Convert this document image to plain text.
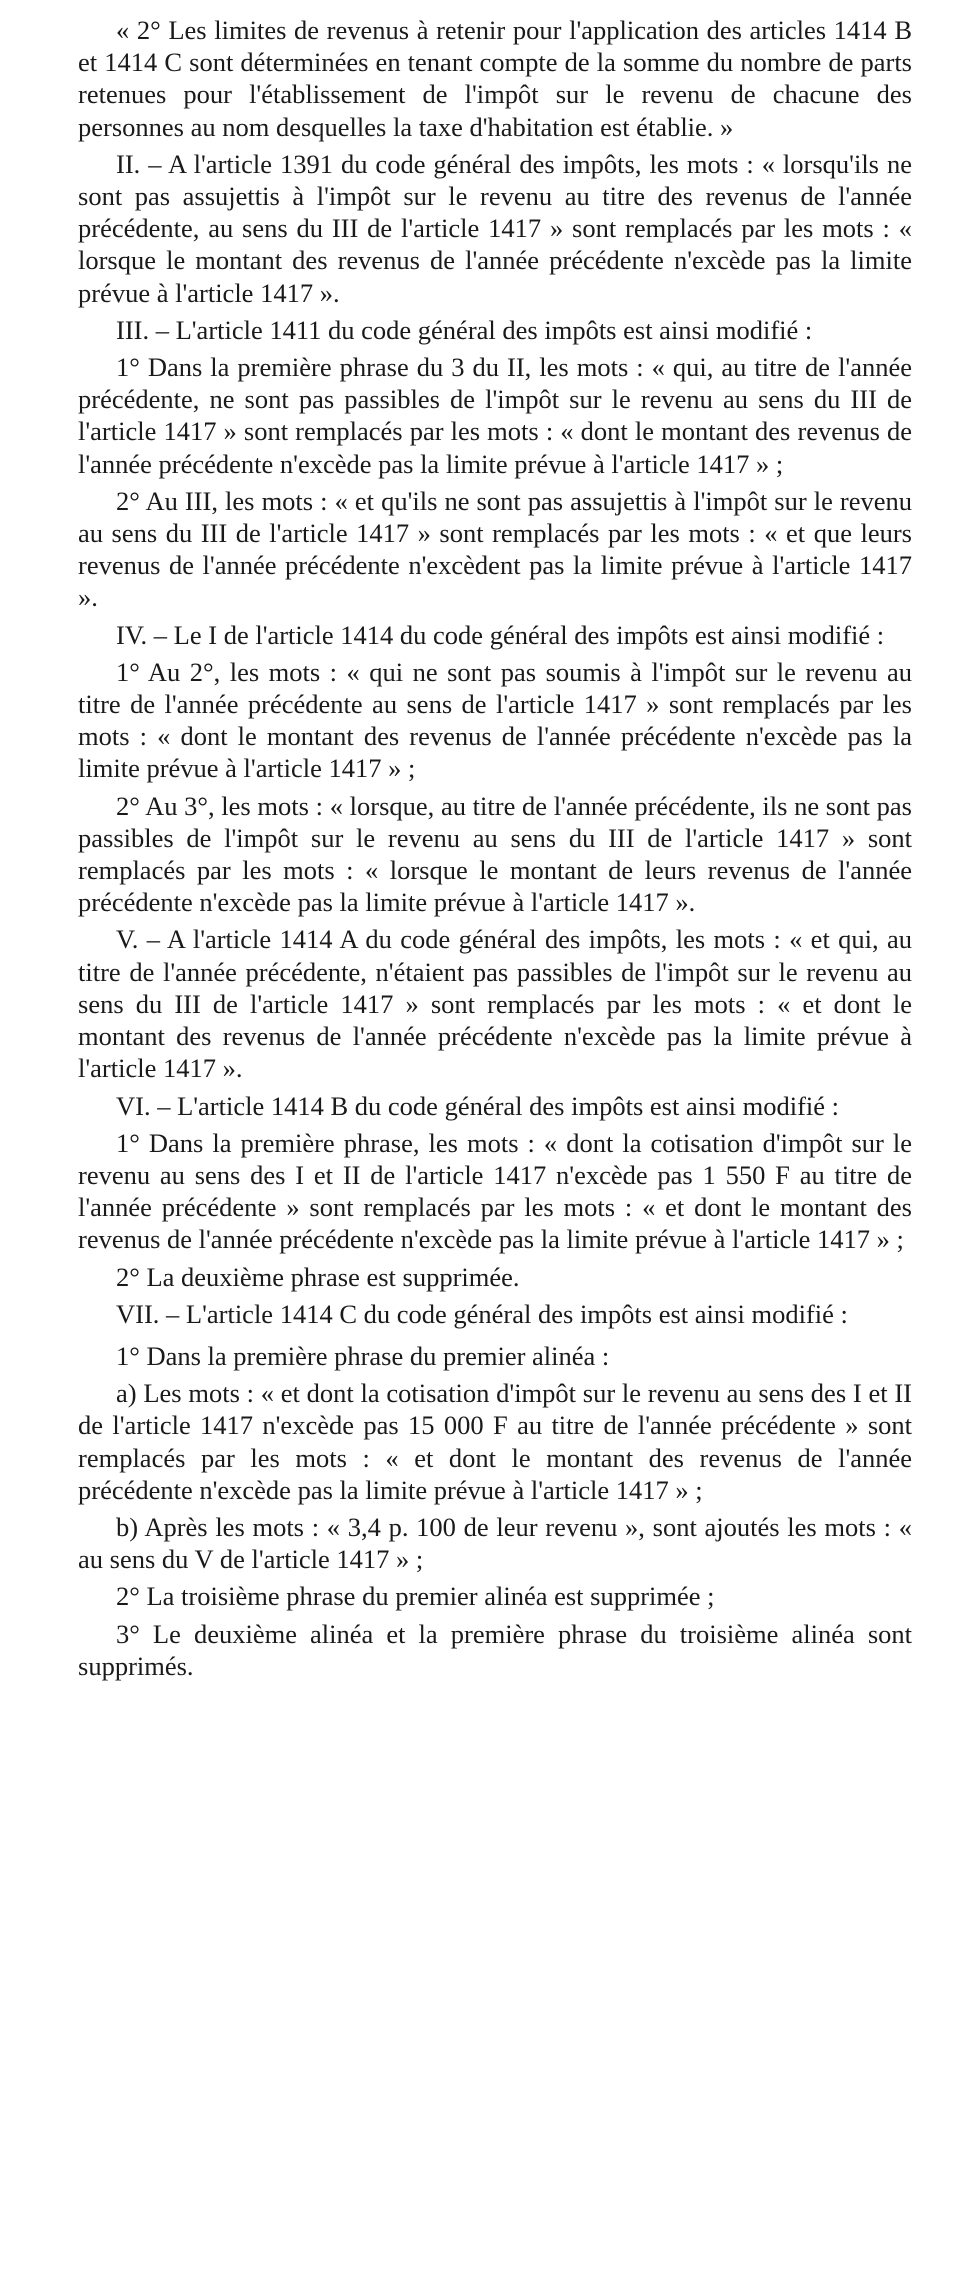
« 2° Les limites de revenus à retenir pour l'application des articles 1414 B et 1414 C sont déterminées en tenant compte de la somme du nombre de parts retenues pour l'établissement de l'impôt sur le revenu de chacune des personnes au nom desquelles la taxe d'habitation est établie. »

II. – A l'article 1391 du code général des impôts, les mots : « lorsqu'ils ne sont pas assujettis à l'impôt sur le revenu au titre des revenus de l'année précédente, au sens du III de l'article 1417 » sont remplacés par les mots : « lorsque le montant des revenus de l'année précédente n'excède pas la limite prévue à l'article 1417 ».

III. – L'article 1411 du code général des impôts est ainsi modifié :

1° Dans la première phrase du 3 du II, les mots : « qui, au titre de l'année précédente, ne sont pas passibles de l'impôt sur le revenu au sens du III de l'article 1417 » sont remplacés par les mots : « dont le montant des revenus de l'année précédente n'excède pas la limite prévue à l'article 1417 » ;

2° Au III, les mots : « et qu'ils ne sont pas assujettis à l'impôt sur le revenu au sens du III de l'article 1417 » sont remplacés par les mots : « et que leurs revenus de l'année précédente n'excèdent pas la limite prévue à l'article 1417 ».

IV. – Le I de l'article 1414 du code général des impôts est ainsi modifié :

1° Au 2°, les mots : « qui ne sont pas soumis à l'impôt sur le revenu au titre de l'année précédente au sens de l'article 1417 » sont remplacés par les mots : « dont le montant des revenus de l'année précédente n'excède pas la limite prévue à l'article 1417 » ;

2° Au 3°, les mots : « lorsque, au titre de l'année précédente, ils ne sont pas passibles de l'impôt sur le revenu au sens du III de l'article 1417 » sont remplacés par les mots : « lorsque le montant de leurs revenus de l'année précédente n'excède pas la limite prévue à l'article 1417 ».

V. – A l'article 1414 A du code général des impôts, les mots : « et qui, au titre de l'année précédente, n'étaient pas passibles de l'impôt sur le revenu au sens du III de l'article 1417 » sont remplacés par les mots : « et dont le montant des revenus de l'année précédente n'excède pas la limite prévue à l'article 1417 ».

VI. – L'article 1414 B du code général des impôts est ainsi modifié :

1° Dans la première phrase, les mots : « dont la cotisation d'impôt sur le revenu au sens des I et II de l'article 1417 n'excède pas 1 550 F au titre de l'année précédente » sont remplacés par les mots : « et dont le montant des revenus de l'année précédente n'excède pas la limite prévue à l'article 1417 » ;

2° La deuxième phrase est supprimée.

VII. – L'article 1414 C du code général des impôts est ainsi modifié :

1° Dans la première phrase du premier alinéa :

a) Les mots : « et dont la cotisation d'impôt sur le revenu au sens des I et II de l'article 1417 n'excède pas 15 000 F au titre de l'année précédente » sont remplacés par les mots : « et dont le montant des revenus de l'année précédente n'excède pas la limite prévue à l'article 1417 » ;

b) Après les mots : « 3,4 p. 100 de leur revenu », sont ajoutés les mots : « au sens du V de l'article 1417 » ;

2° La troisième phrase du premier alinéa est supprimée ;

3° Le deuxième alinéa et la première phrase du troisième alinéa sont supprimés.
